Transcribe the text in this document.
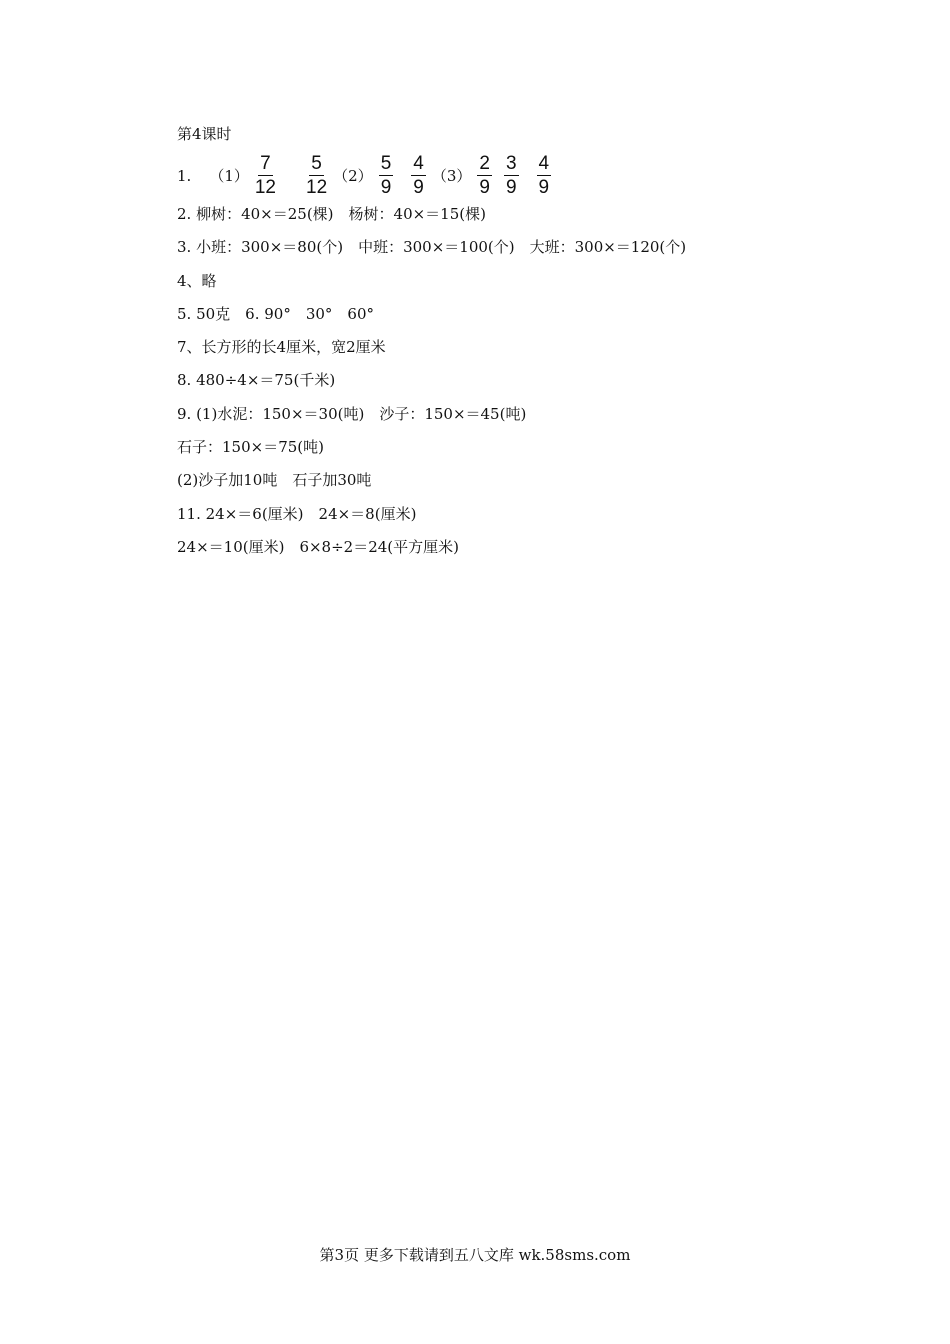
第4课时
1. $(1) \frac{7}{12} \frac{5}{12} (2) \frac{5}{9} \frac{4}{9} (3) \frac{2}{9} \frac{3}{9} \frac{4}{9}$
2. 柳树：40×＝25(棵)　杨树：40×＝15(棵)
3. 小班：300×＝80(个)　中班：300×＝100(个)　大班：300×＝120(个)
4、略
5. 50克　6. 90°　30°　60°
7、长方形的长4厘米，宽2厘米
8. 480÷4×＝75(千米)
9. (1)水泥：150×＝30(吨)　沙子：150×＝45(吨)
石子：150×＝75(吨)
(2)沙子加10吨　石子加30吨
11. 24×＝6(厘米)　24×＝8(厘米)
24×＝10(厘米)　6×8÷2＝24(平方厘米)
第3页 更多下载请到五八文库 wk.58sms.com
